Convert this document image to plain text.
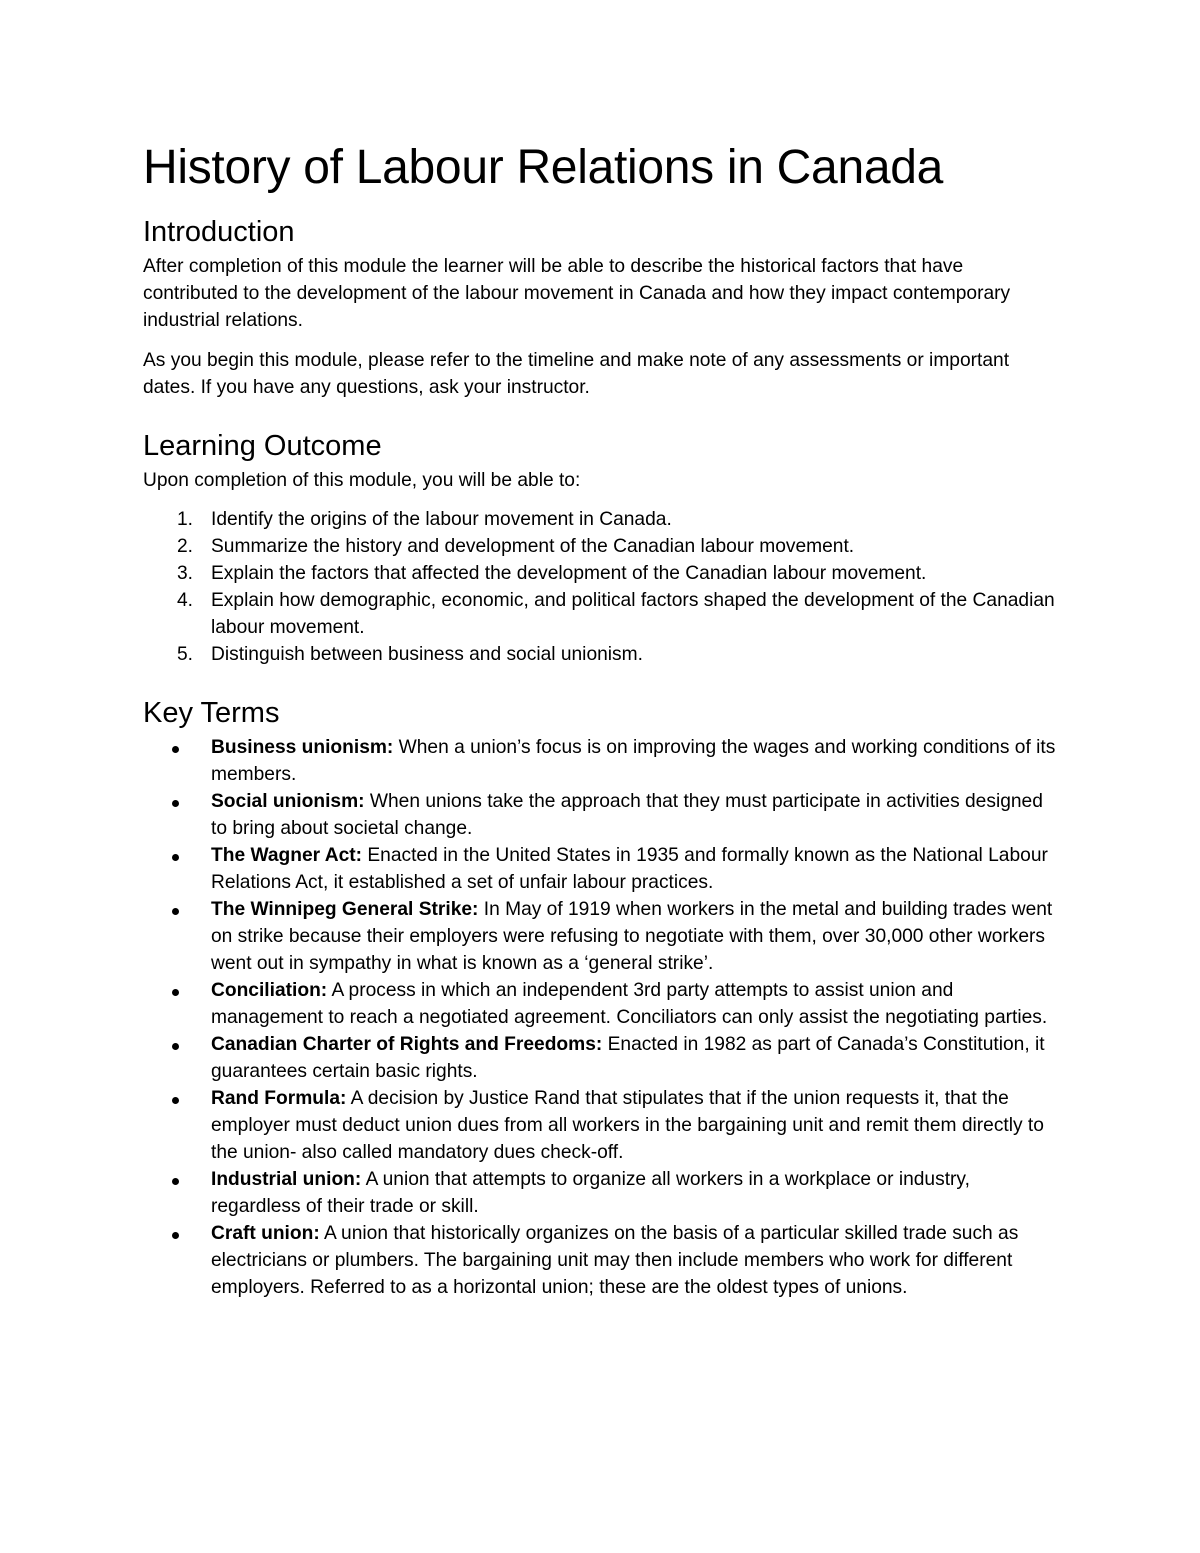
History of Labour Relations in Canada
Introduction

After completion of this module the learner will be able to describe the historical factors that have contributed to the development of the labour movement in Canada and how they impact contemporary industrial relations.

As you begin this module, please refer to the timeline and make note of any assessments or important dates. If you have any questions, ask your instructor.

Learning Outcome

Upon completion of this module, you will be able to:

1. Identify the origins of the labour movement in Canada.
2. Summarize the history and development of the Canadian labour movement.
3. Explain the factors that affected the development of the Canadian labour movement.
4. Explain how demographic, economic, and political factors shaped the development of the Canadian labour movement.
5. Distinguish between business and social unionism.
Key Terms
Business unionism: When a union’s focus is on improving the wages and working conditions of its members.
Social unionism: When unions take the approach that they must participate in activities designed to bring about societal change.
The Wagner Act: Enacted in the United States in 1935 and formally known as the National Labour Relations Act, it established a set of unfair labour practices.
The Winnipeg General Strike: In May of 1919 when workers in the metal and building trades went on strike because their employers were refusing to negotiate with them, over 30,000 other workers went out in sympathy in what is known as a ‘general strike’.
Conciliation: A process in which an independent 3rd party attempts to assist union and management to reach a negotiated agreement. Conciliators can only assist the negotiating parties.
Canadian Charter of Rights and Freedoms: Enacted in 1982 as part of Canada’s Constitution, it guarantees certain basic rights.
Rand Formula: A decision by Justice Rand that stipulates that if the union requests it, that the employer must deduct union dues from all workers in the bargaining unit and remit them directly to the union- also called mandatory dues check-off.
Industrial union: A union that attempts to organize all workers in a workplace or industry, regardless of their trade or skill.
Craft union: A union that historically organizes on the basis of a particular skilled trade such as electricians or plumbers. The bargaining unit may then include members who work for different employers. Referred to as a horizontal union; these are the oldest types of unions.
